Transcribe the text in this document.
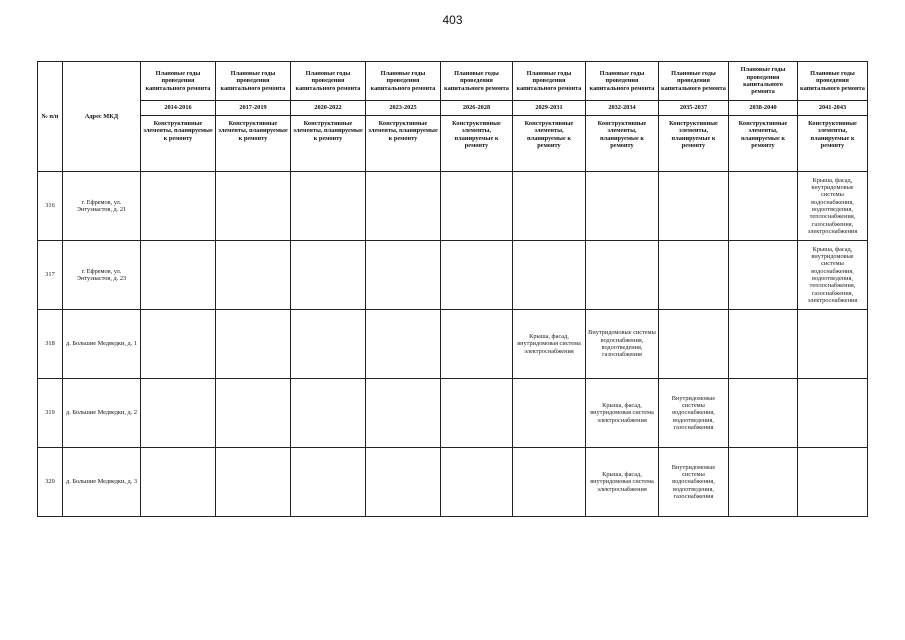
403
№ п/п	Адрес МКД	Плановые годы проведения капитального ремонта	Плановые годы проведения капитального ремонта	Плановые годы проведения капитального ремонта	Плановые годы проведения капитального ремонта	Плановые годы проведения капитального ремонта	Плановые годы проведения капитального ремонта	Плановые годы проведения капитального ремонта	Плановые годы проведения капитального ремонта	Плановые годы проведения капитального ремонта	Плановые годы проведения капитального ремонта
		2014-2016	2017-2019	2020-2022	2023-2025	2026-2028	2029-2031	2032-2034	2035-2037	2038-2040	2041-2043
		Конструктивные элементы, планируемые к ремонту	Конструктивные элементы, планируемые к ремонту	Конструктивные элементы, планируемые к ремонту	Конструктивные элементы, планируемые к ремонту	Конструктивные элементы, планируемые к ремонту	Конструктивные элементы, планируемые к ремонту	Конструктивные элементы, планируемые к ремонту	Конструктивные элементы, планируемые к ремонту	Конструктивные элементы, планируемые к ремонту	Конструктивные элементы, планируемые к ремонту
316	г. Ефремов, ул. Энтузиастов, д. 21										Крыша, фасад, внутридомовые системы водоснабжения, водоотведения, теплоснабжения, газоснабжения, электроснабжения
317	г. Ефремов, ул. Энтузиастов, д. 23										Крыша, фасад, внутридомовые системы водоснабжения, водоотведения, теплоснабжения, газоснабжения, электроснабжения
318	д. Большие Медведки, д. 1						Крыша, фасад, внутридомовая система электроснабжения	Внутридомовые системы водоснабжения, водоотведения, газоснабжения			
319	д. Большие Медведки, д. 2							Крыша, фасад, внутридомовая система электроснабжения	Внутридомовые системы водоснабжения, водоотведения, газоснабжения		
320	д. Большие Медведки, д. 3							Крыша, фасад, внутридомовая система электроснабжения	Внутридомовые системы водоснабжения, водоотведения, газоснабжения		
